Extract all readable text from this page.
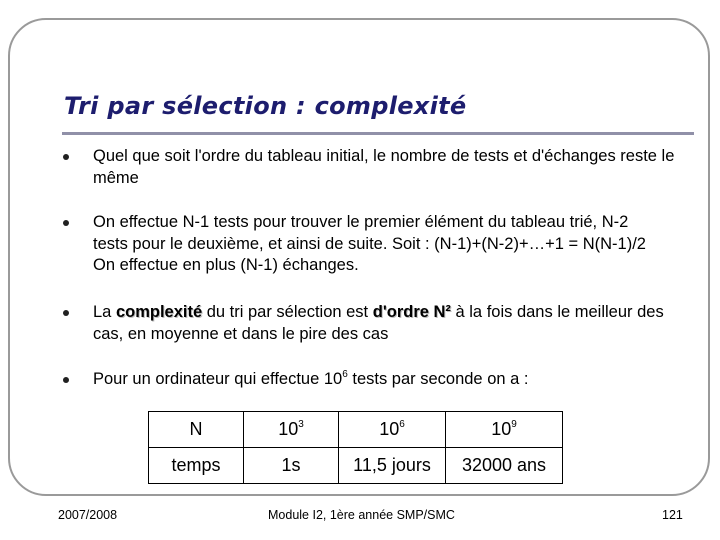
Tri par sélection : complexité
Quel que soit l'ordre du tableau initial, le nombre de tests et d'échanges reste le même
On effectue N-1 tests pour trouver le premier élément du tableau trié, N-2
tests pour le deuxième, et ainsi de suite. Soit : (N-1)+(N-2)+…+1 = N(N-1)/2
On effectue en plus (N-1) échanges.
La complexité du tri par sélection est d'ordre N² à la fois dans le meilleur des cas, en moyenne et dans le pire des cas
Pour un ordinateur qui effectue $10^6$ tests par seconde on a :
N	$10^3$	$10^6$	$10^9$
temps	1s	11,5 jours	32000 ans
2007/2008	Module I2, 1ère année SMP/SMC	121
